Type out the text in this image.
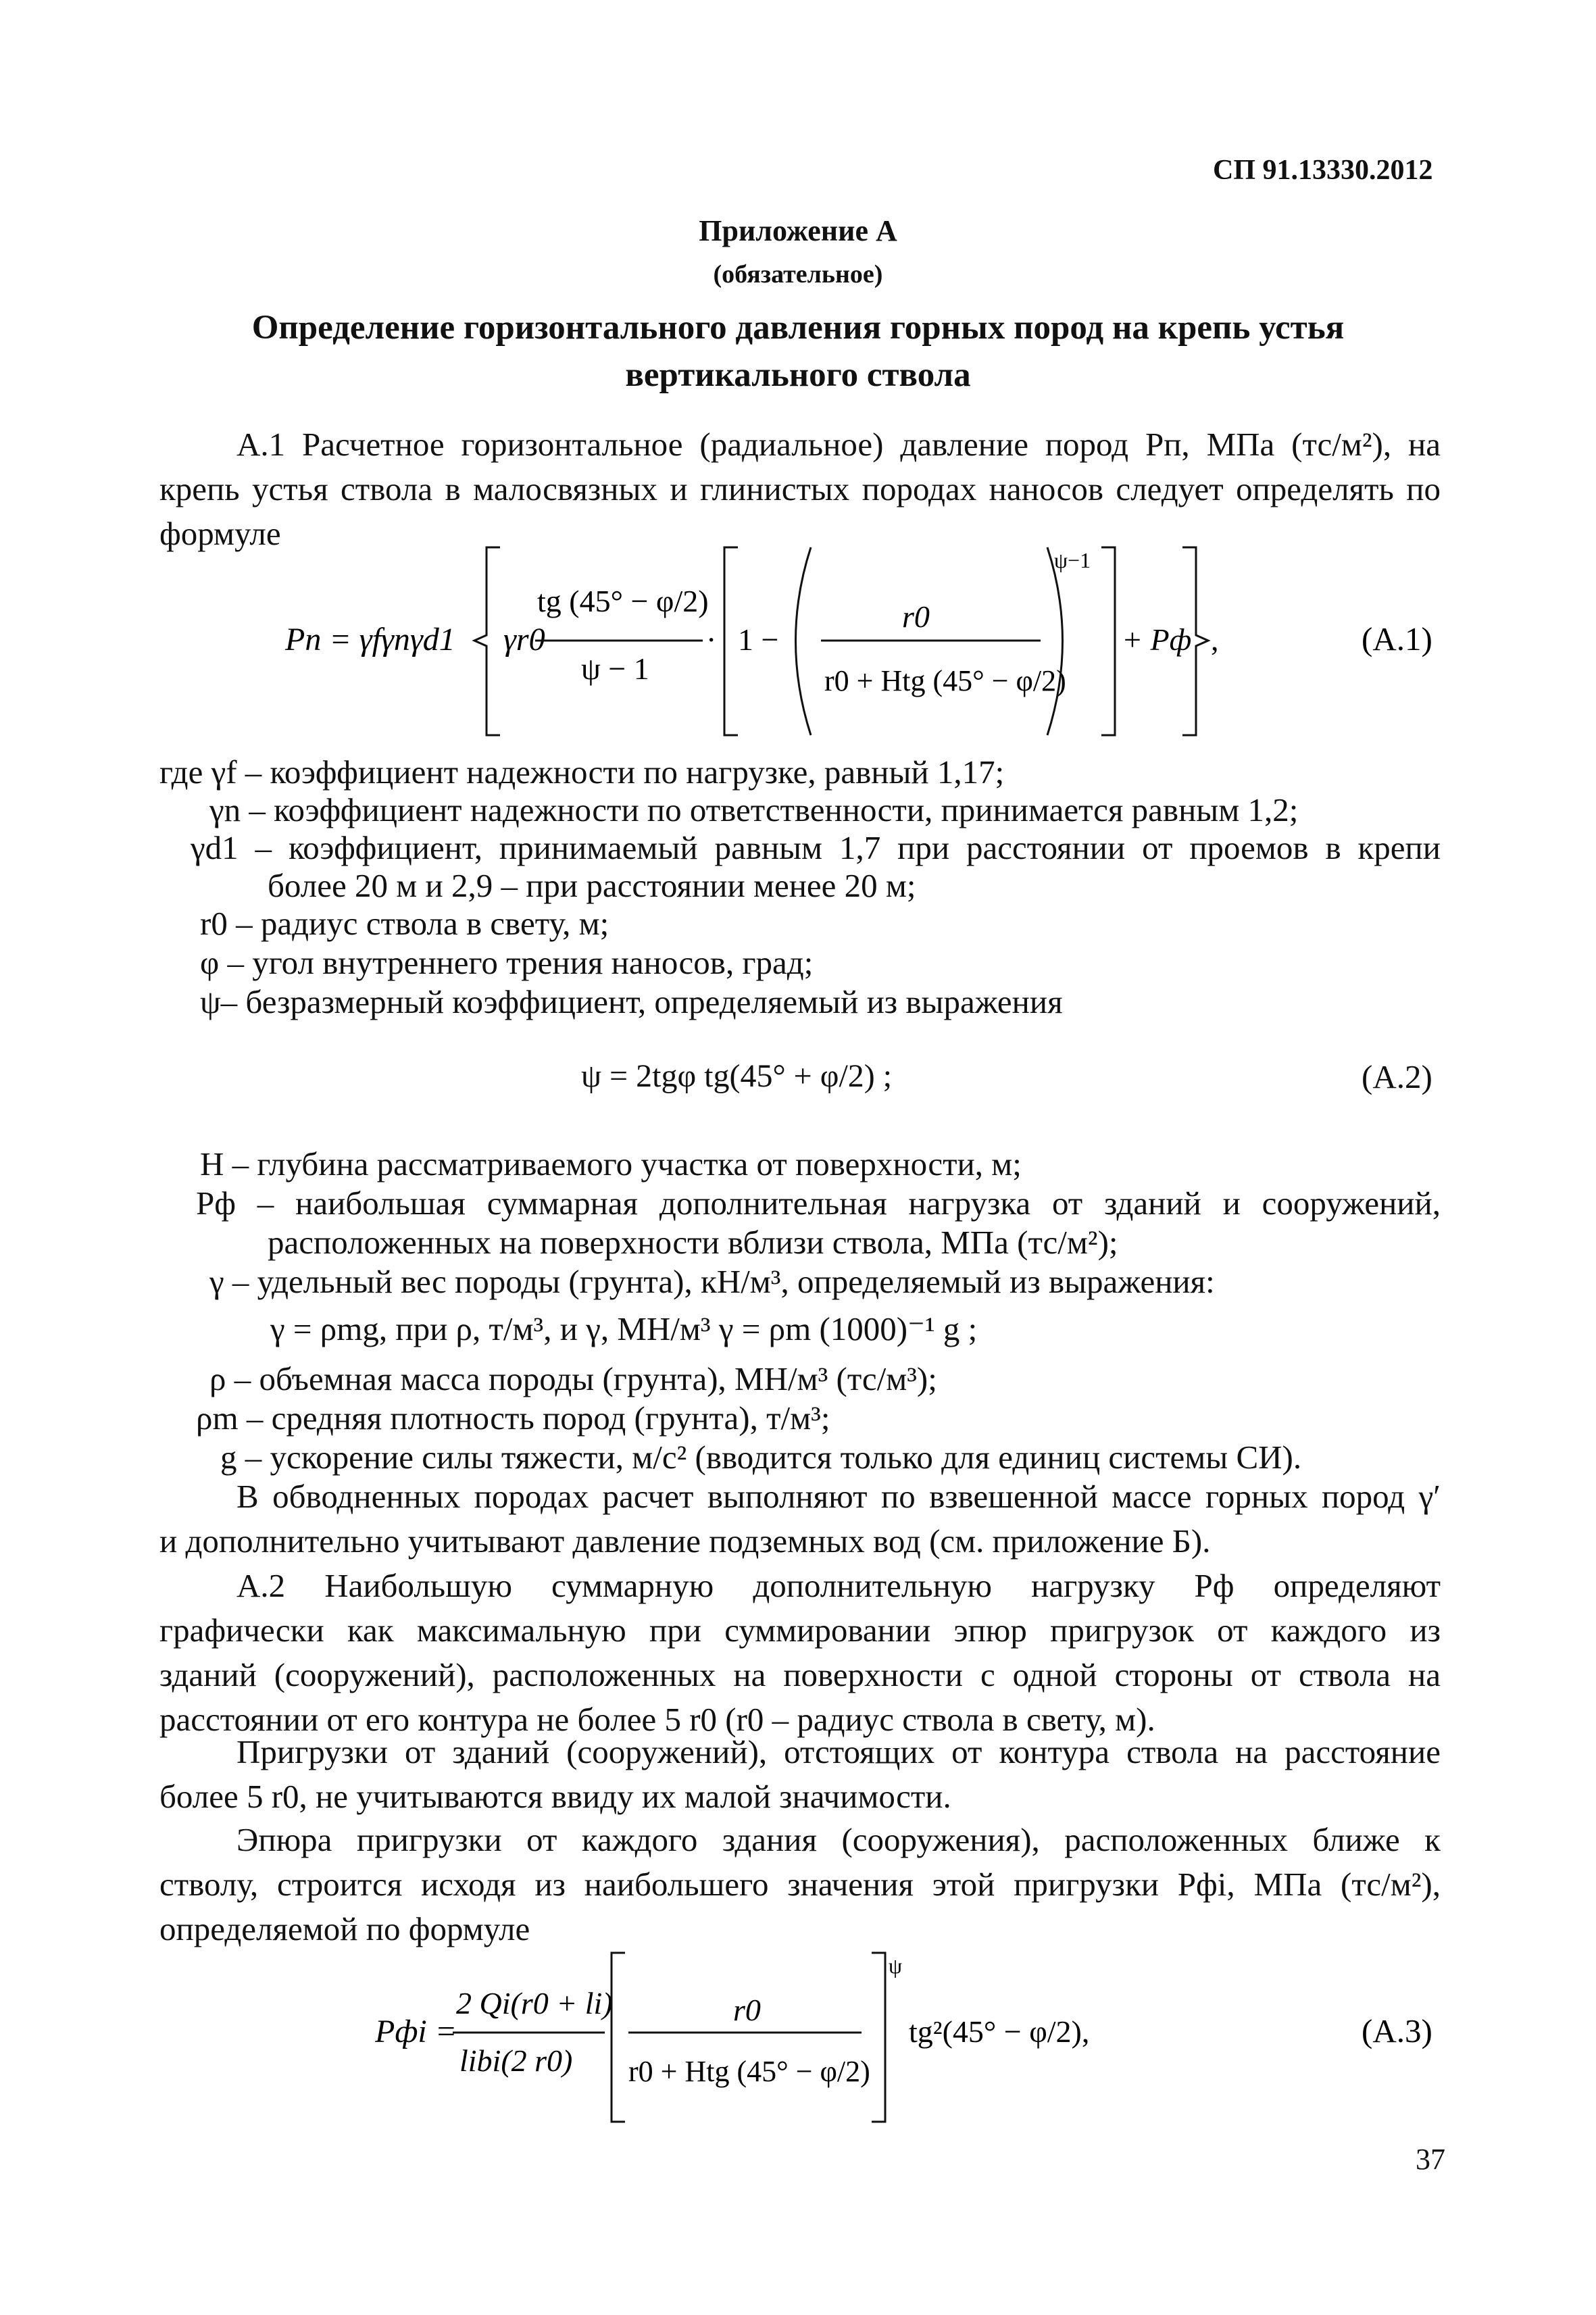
СП 91.13330.2012
Приложение А
(обязательное)
Определение горизонтального давления горных пород на крепь устья
вертикального ствола
А.1 Расчетное горизонтальное (радиальное) давление пород Pп, МПа (тс/м²), на
крепь устья ствола в малосвязных и глинистых породах наносов следует определять по
формуле
Pп = γfγnγd1 γr0
tg (45° − φ/2)
ψ − 1
· 1 −
r0
r0 + Htg (45° − φ/2)
ψ−1
+ Pф ,	(А.1)
где γf – коэффициент надежности по нагрузке, равный 1,17;
γn – коэффициент надежности по ответственности, принимается равным 1,2;
γd1 – коэффициент, принимаемый равным 1,7 при расстоянии от проемов в крепи
более 20 м и 2,9 – при расстоянии менее 20 м;
r0 – радиус ствола в свету, м;
φ – угол внутреннего трения наносов, град;
ψ– безразмерный коэффициент, определяемый из выражения
ψ = 2tgφ tg(45° + φ/2) ;	(А.2)
H – глубина рассматриваемого участка от поверхности, м;
Pф – наибольшая суммарная дополнительная нагрузка от зданий и сооружений,
расположенных на поверхности вблизи ствола, МПа (тс/м²);
γ – удельный вес породы (грунта), кН/м³, определяемый из выражения:
γ = ρmg, при ρ, т/м³, и γ, МН/м³ γ = ρm (1000)⁻¹ g ;
ρ – объемная масса породы (грунта), МН/м³ (тс/м³);
ρm – средняя плотность пород (грунта), т/м³;
g – ускорение силы тяжести, м/с² (вводится только для единиц системы СИ).
В обводненных породах расчет выполняют по взвешенной массе горных пород γ′
и дополнительно учитывают давление подземных вод (см. приложение Б).
А.2 Наибольшую суммарную дополнительную нагрузку Pф определяют
графически как максимальную при суммировании эпюр пригрузок от каждого из
зданий (сооружений), расположенных на поверхности с одной стороны от ствола на
расстоянии от его контура не более 5 r0 (r0 – радиус ствола в свету, м).
Пригрузки от зданий (сооружений), отстоящих от контура ствола на расстояние
более 5 r0, не учитываются ввиду их малой значимости.
Эпюра пригрузки от каждого здания (сооружения), расположенных ближе к
стволу, строится исходя из наибольшего значения этой пригрузки Pфi, МПа (тс/м²),
определяемой по формуле
Pфi =
2 Qi(r0 + li)
libi(2 r0)
r0
r0 + Htg (45° − φ/2)
ψ
tg²(45° − φ/2),	(А.3)
37
